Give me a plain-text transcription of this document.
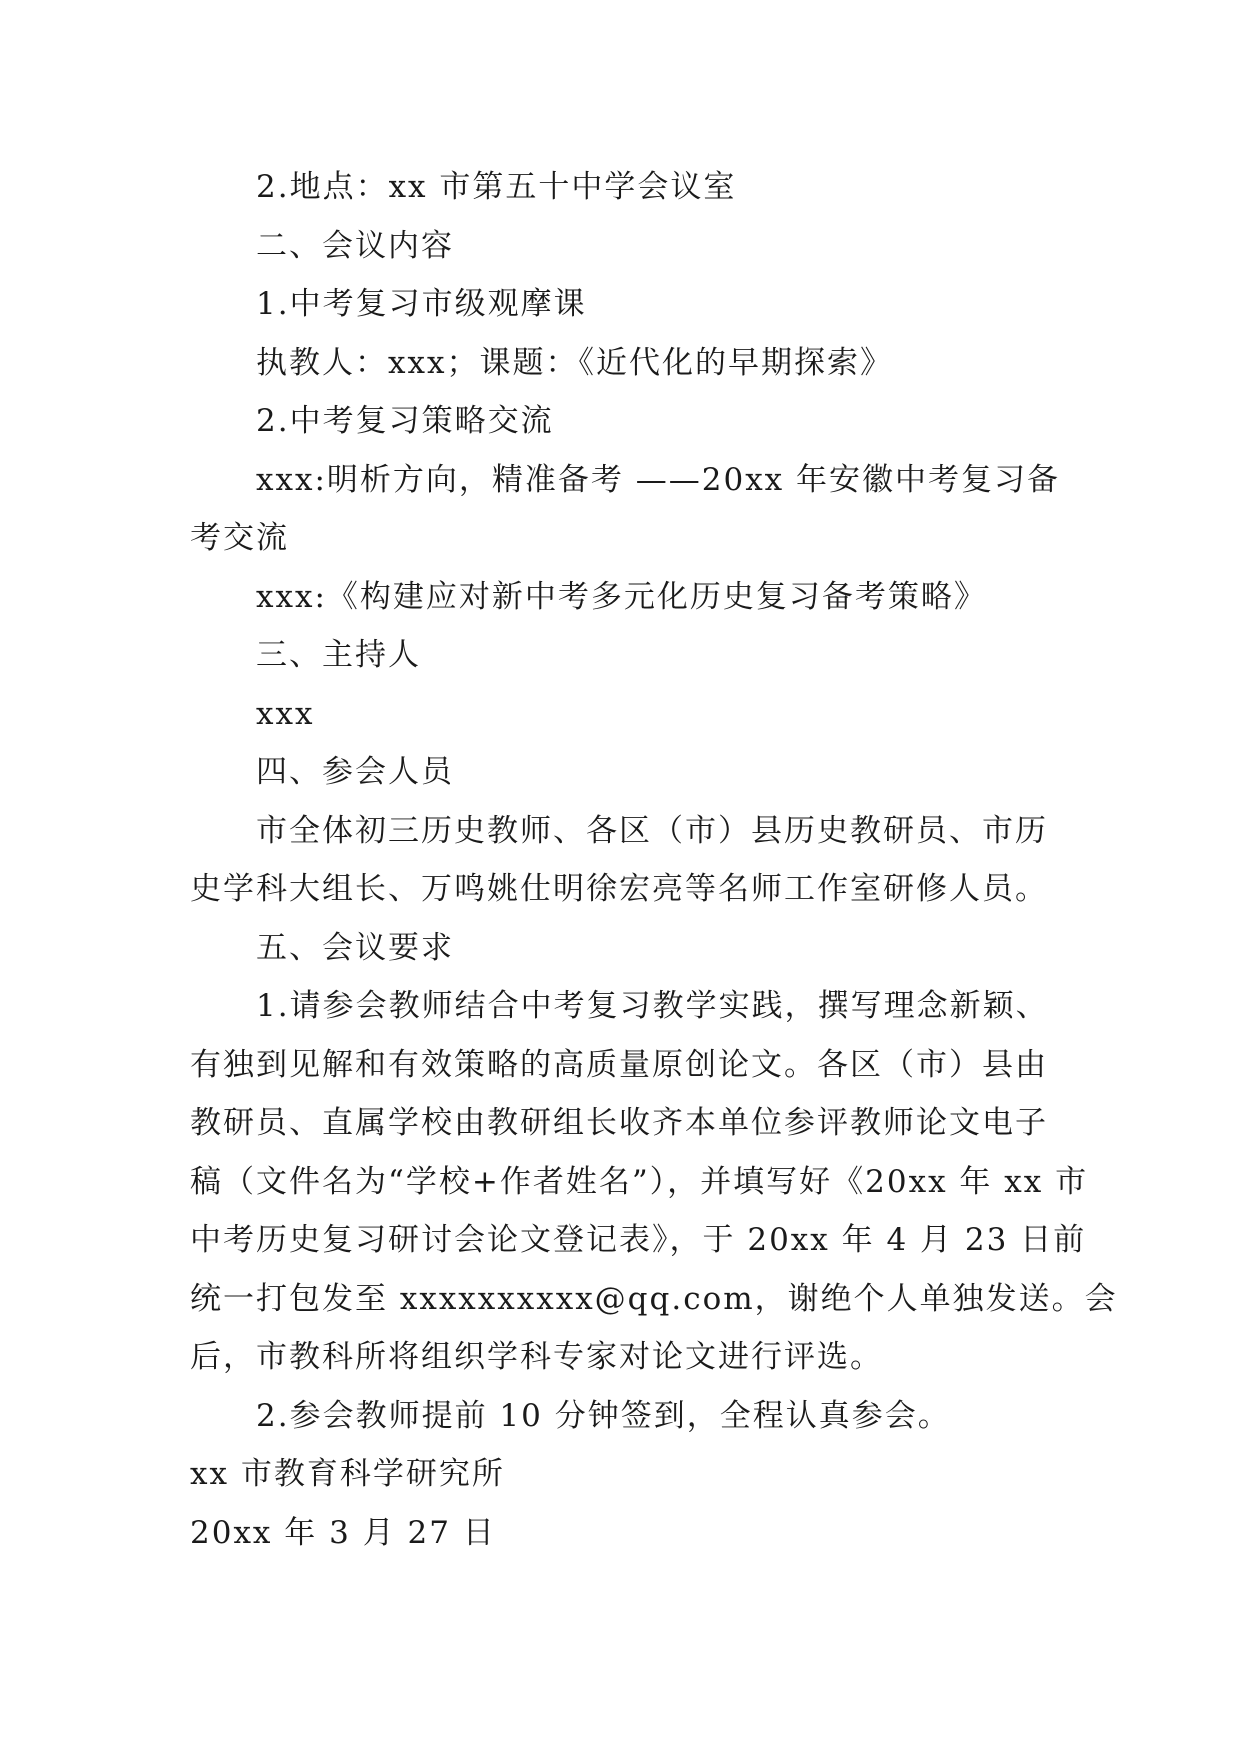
2.地点：xx 市第五十中学会议室
二、会议内容
1.中考复习市级观摩课
执教人：xxx；课题：《近代化的早期探索》
2.中考复习策略交流
xxx:明析方向，精准备考 ——20xx 年安徽中考复习备
考交流
xxx:《构建应对新中考多元化历史复习备考策略》
三、主持人
xxx
四、参会人员
市全体初三历史教师、各区（市）县历史教研员、市历
史学科大组长、万鸣姚仕明徐宏亮等名师工作室研修人员。
五、会议要求
1.请参会教师结合中考复习教学实践，撰写理念新颖、
有独到见解和有效策略的高质量原创论文。各区（市）县由
教研员、直属学校由教研组长收齐本单位参评教师论文电子
稿（文件名为“学校+作者姓名”），并填写好《20xx 年 xx 市
中考历史复习研讨会论文登记表》，于 20xx 年 4 月 23 日前
统一打包发至 xxxxxxxxxx@qq.com，谢绝个人单独发送。会
后，市教科所将组织学科专家对论文进行评选。
2.参会教师提前 10 分钟签到，全程认真参会。
xx 市教育科学研究所
20xx 年 3 月 27 日
